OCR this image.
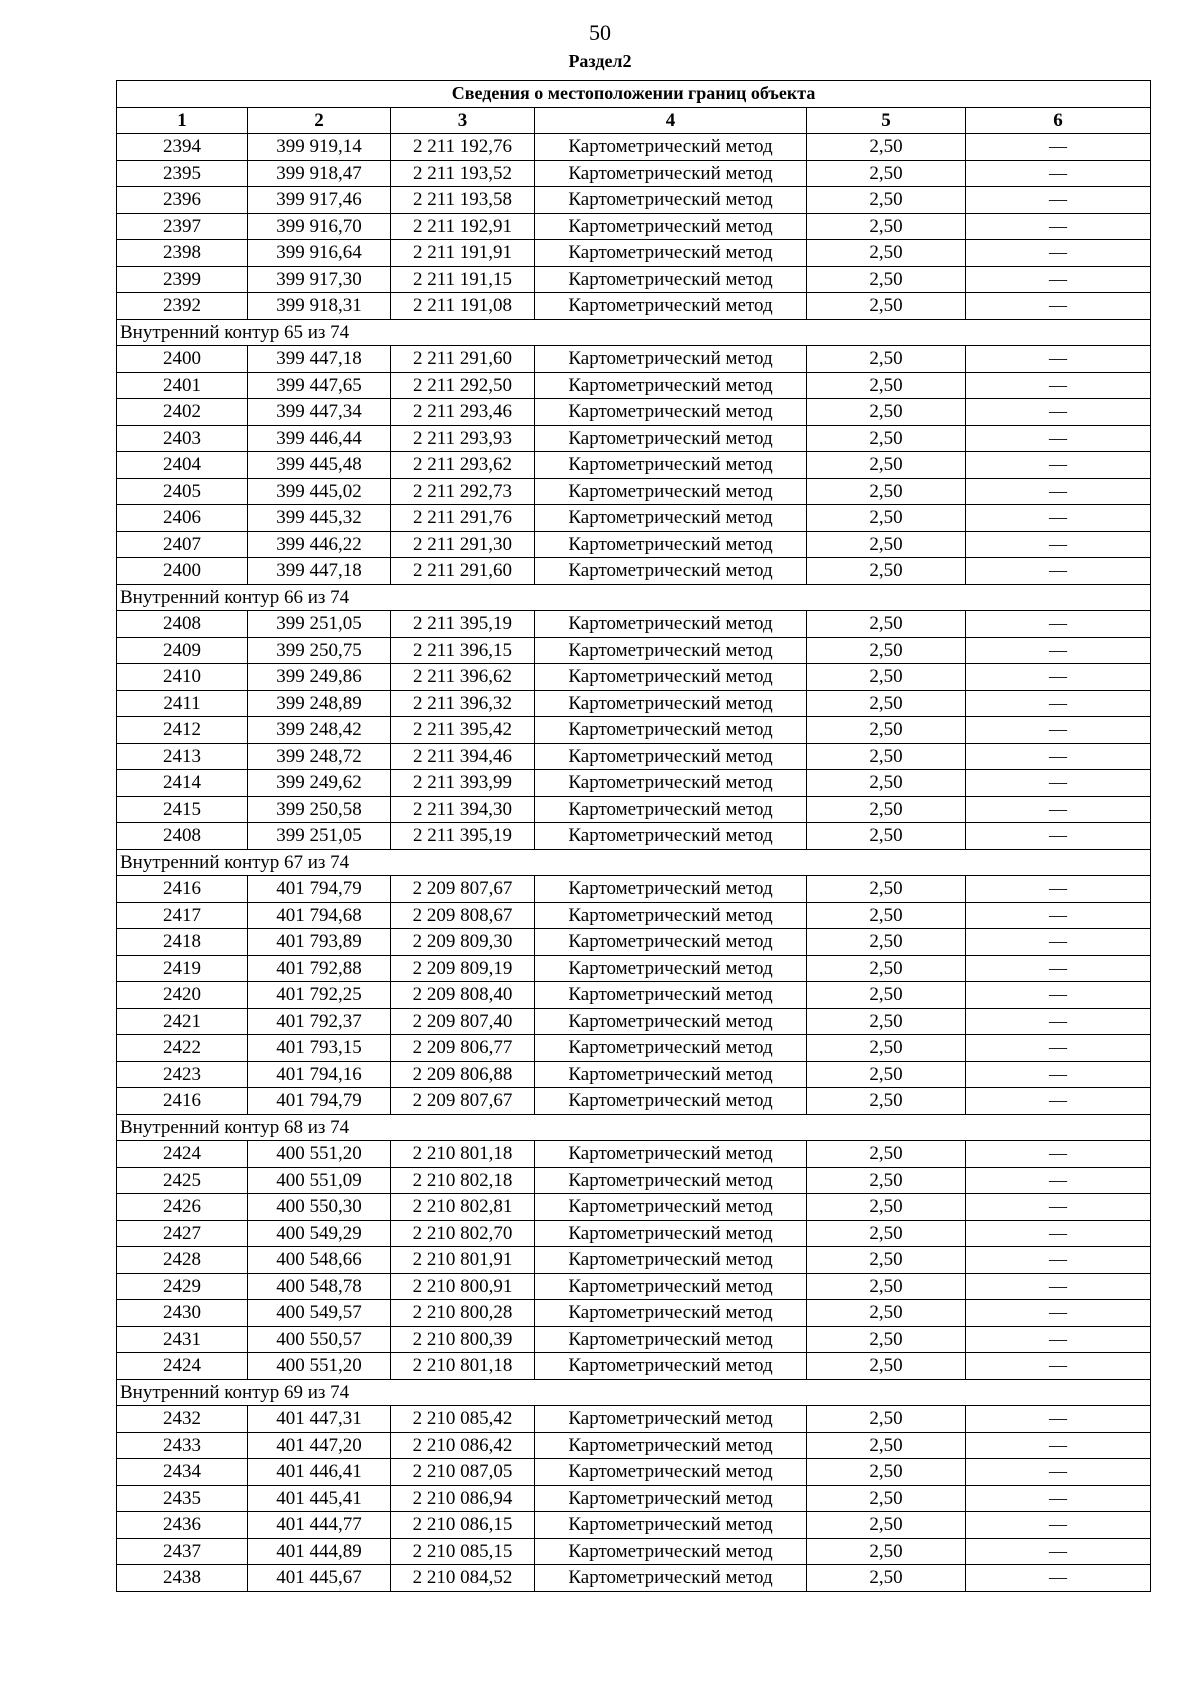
50
Раздел2
Сведения о местоположении границ объекта					
1	2	3	4	5	6
2394	399 919,14	2 211 192,76	Картометрический метод	2,50	—
2395	399 918,47	2 211 193,52	Картометрический метод	2,50	—
2396	399 917,46	2 211 193,58	Картометрический метод	2,50	—
2397	399 916,70	2 211 192,91	Картометрический метод	2,50	—
2398	399 916,64	2 211 191,91	Картометрический метод	2,50	—
2399	399 917,30	2 211 191,15	Картометрический метод	2,50	—
2392	399 918,31	2 211 191,08	Картометрический метод	2,50	—
Внутренний контур 65 из 74					
2400	399 447,18	2 211 291,60	Картометрический метод	2,50	—
2401	399 447,65	2 211 292,50	Картометрический метод	2,50	—
2402	399 447,34	2 211 293,46	Картометрический метод	2,50	—
2403	399 446,44	2 211 293,93	Картометрический метод	2,50	—
2404	399 445,48	2 211 293,62	Картометрический метод	2,50	—
2405	399 445,02	2 211 292,73	Картометрический метод	2,50	—
2406	399 445,32	2 211 291,76	Картометрический метод	2,50	—
2407	399 446,22	2 211 291,30	Картометрический метод	2,50	—
2400	399 447,18	2 211 291,60	Картометрический метод	2,50	—
Внутренний контур 66 из 74					
2408	399 251,05	2 211 395,19	Картометрический метод	2,50	—
2409	399 250,75	2 211 396,15	Картометрический метод	2,50	—
2410	399 249,86	2 211 396,62	Картометрический метод	2,50	—
2411	399 248,89	2 211 396,32	Картометрический метод	2,50	—
2412	399 248,42	2 211 395,42	Картометрический метод	2,50	—
2413	399 248,72	2 211 394,46	Картометрический метод	2,50	—
2414	399 249,62	2 211 393,99	Картометрический метод	2,50	—
2415	399 250,58	2 211 394,30	Картометрический метод	2,50	—
2408	399 251,05	2 211 395,19	Картометрический метод	2,50	—
Внутренний контур 67 из 74					
2416	401 794,79	2 209 807,67	Картометрический метод	2,50	—
2417	401 794,68	2 209 808,67	Картометрический метод	2,50	—
2418	401 793,89	2 209 809,30	Картометрический метод	2,50	—
2419	401 792,88	2 209 809,19	Картометрический метод	2,50	—
2420	401 792,25	2 209 808,40	Картометрический метод	2,50	—
2421	401 792,37	2 209 807,40	Картометрический метод	2,50	—
2422	401 793,15	2 209 806,77	Картометрический метод	2,50	—
2423	401 794,16	2 209 806,88	Картометрический метод	2,50	—
2416	401 794,79	2 209 807,67	Картометрический метод	2,50	—
Внутренний контур 68 из 74					
2424	400 551,20	2 210 801,18	Картометрический метод	2,50	—
2425	400 551,09	2 210 802,18	Картометрический метод	2,50	—
2426	400 550,30	2 210 802,81	Картометрический метод	2,50	—
2427	400 549,29	2 210 802,70	Картометрический метод	2,50	—
2428	400 548,66	2 210 801,91	Картометрический метод	2,50	—
2429	400 548,78	2 210 800,91	Картометрический метод	2,50	—
2430	400 549,57	2 210 800,28	Картометрический метод	2,50	—
2431	400 550,57	2 210 800,39	Картометрический метод	2,50	—
2424	400 551,20	2 210 801,18	Картометрический метод	2,50	—
Внутренний контур 69 из 74					
2432	401 447,31	2 210 085,42	Картометрический метод	2,50	—
2433	401 447,20	2 210 086,42	Картометрический метод	2,50	—
2434	401 446,41	2 210 087,05	Картометрический метод	2,50	—
2435	401 445,41	2 210 086,94	Картометрический метод	2,50	—
2436	401 444,77	2 210 086,15	Картометрический метод	2,50	—
2437	401 444,89	2 210 085,15	Картометрический метод	2,50	—
2438	401 445,67	2 210 084,52	Картометрический метод	2,50	—
